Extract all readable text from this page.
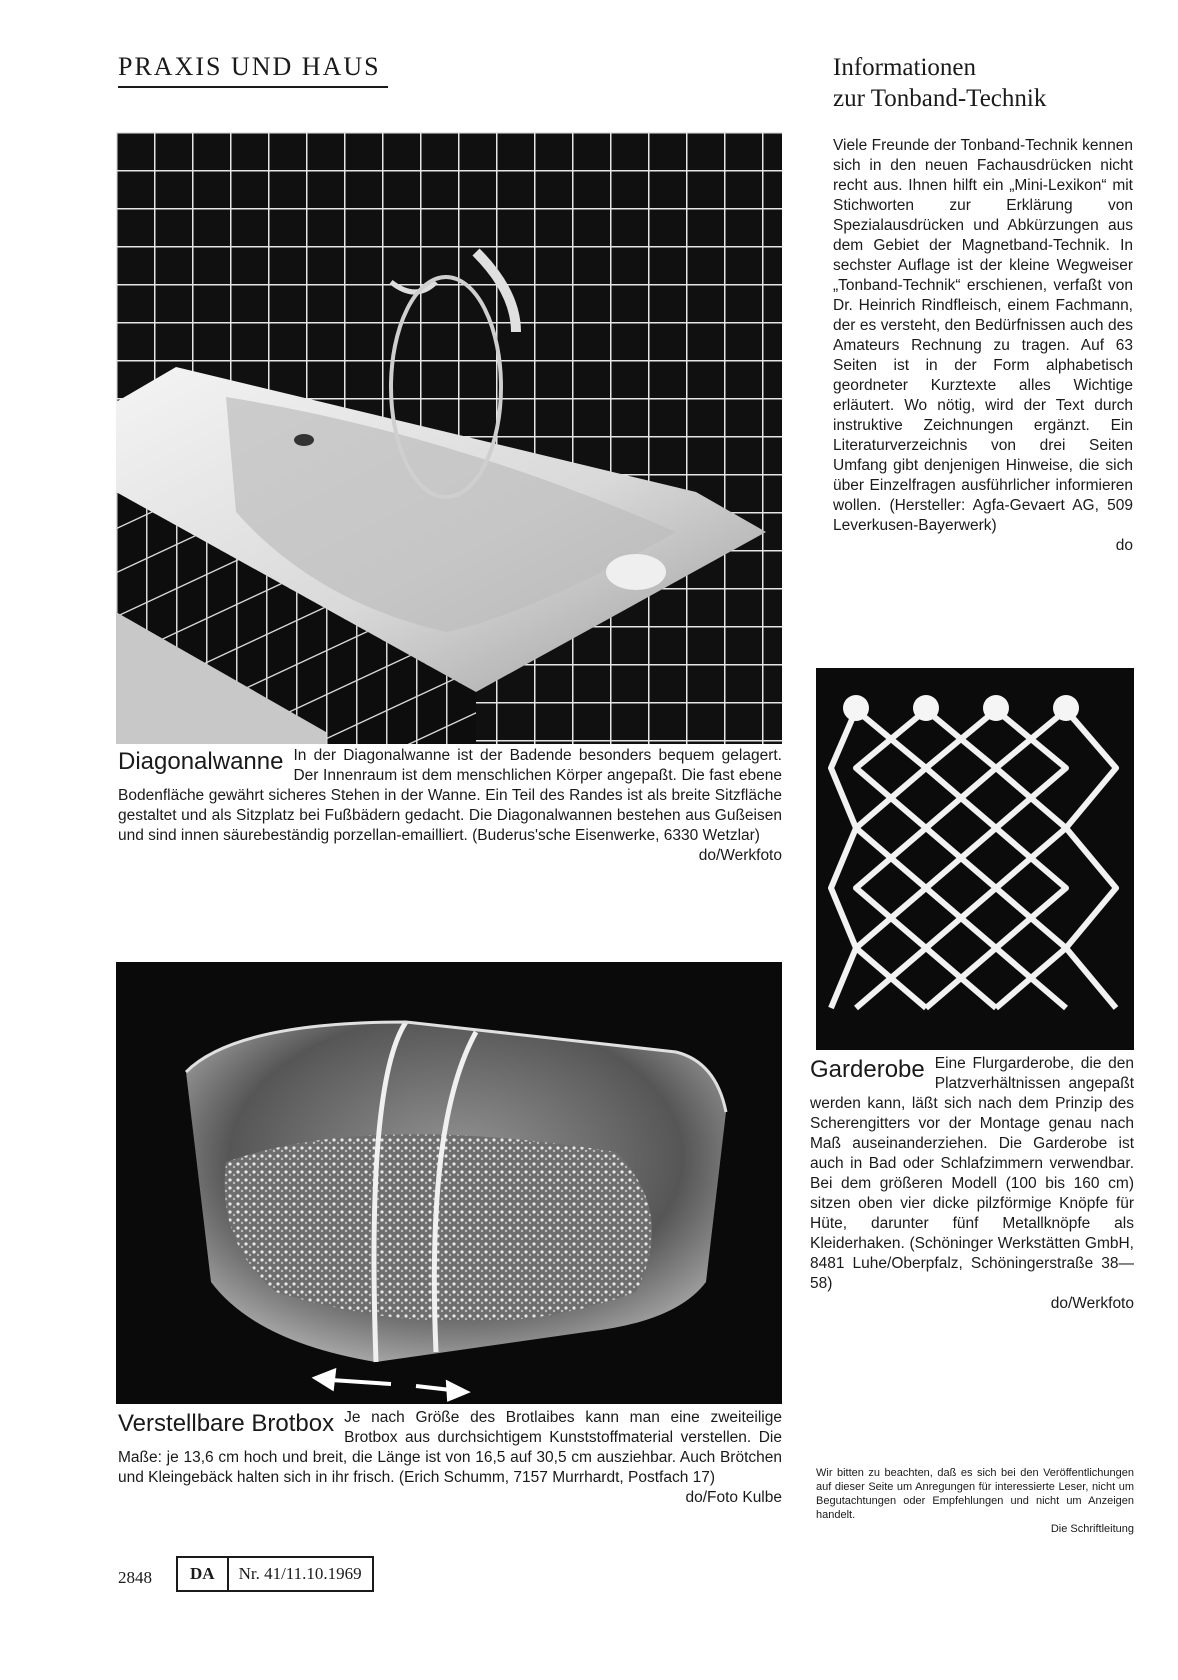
PRAXIS UND HAUS	Informationen
zur Tonband-Technik
Diagonalwanne In der Diagonalwanne ist der Badende besonders bequem gelagert. Der Innenraum ist dem menschlichen Körper angepaßt. Die fast ebene Bodenfläche gewährt sicheres Stehen in der Wanne. Ein Teil des Randes ist als breite Sitzfläche gestaltet und als Sitzplatz bei Fußbädern gedacht. Die Diagonalwannen bestehen aus Gußeisen und sind innen säurebeständig porzellan-emailliert. (Buderus'sche Eisenwerke, 6330 Wetzlar)
do/Werkfoto
Viele Freunde der Tonband-Technik kennen sich in den neuen Fachausdrücken nicht recht aus. Ihnen hilft ein „Mini-Lexikon“ mit Stichworten zur Erklärung von Spezialausdrücken und Abkürzungen aus dem Gebiet der Magnetband-Technik. In sechster Auflage ist der kleine Wegweiser „Tonband-Technik“ erschienen, verfaßt von Dr. Heinrich Rindfleisch, einem Fachmann, der es versteht, den Bedürfnissen auch des Amateurs Rechnung zu tragen. Auf 63 Seiten ist in der Form alphabetisch geordneter Kurztexte alles Wichtige erläutert. Wo nötig, wird der Text durch instruktive Zeichnungen ergänzt. Ein Literaturverzeichnis von drei Seiten Umfang gibt denjenigen Hinweise, die sich über Einzelfragen ausführlicher informieren wollen. (Hersteller: Agfa-Gevaert AG, 509 Leverkusen-Bayerwerk)
do
Garderobe Eine Flurgarderobe, die den Platzverhältnissen angepaßt werden kann, läßt sich nach dem Prinzip des Scherengitters vor der Montage genau nach Maß auseinanderziehen. Die Garderobe ist auch in Bad oder Schlafzimmern verwendbar. Bei dem größeren Modell (100 bis 160 cm) sitzen oben vier dicke pilzförmige Knöpfe für Hüte, darunter fünf Metallknöpfe als Kleiderhaken. (Schöninger Werkstätten GmbH, 8481 Luhe/Oberpfalz, Schöningerstraße 38—58)
do/Werkfoto
Verstellbare Brotbox Je nach Größe des Brotlaibes kann man eine zweiteilige Brotbox aus durchsichtigem Kunststoffmaterial verstellen. Die Maße: je 13,6 cm hoch und breit, die Länge ist von 16,5 auf 30,5 cm ausziehbar. Auch Brötchen und Kleingebäck halten sich in ihr frisch. (Erich Schumm, 7157 Murrhardt, Postfach 17)
do/Foto Kulbe
Wir bitten zu beachten, daß es sich bei den Veröffentlichungen auf dieser Seite um Anregungen für interessierte Leser, nicht um Begutachtungen oder Empfehlungen und nicht um Anzeigen handelt.
Die Schriftleitung
2848	DA	Nr. 41/11.10.1969
